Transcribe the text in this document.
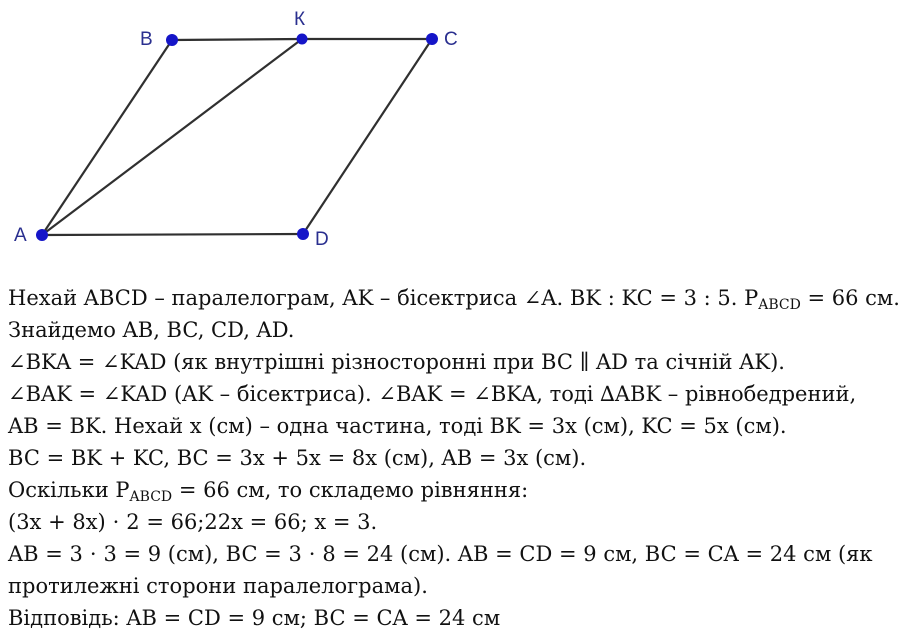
A
B
К
C
D
Нехай ABCD – паралелограм, AK – бісектриса ∠A. BK : KC = 3 : 5. $P_{ABCD} = 66$ см.
Знайдемо AB, BC, CD, AD.
∠BKA = ∠KAD (як внутрішні різносторонні при BC ∥ AD та січній AK).
∠BAK = ∠KAD (AK – бісектриса). ∠BAK = ∠BKA, тоді ∆ABK – рівнобедрений,
AB = BK. Нехай x (см) – одна частина, тоді BK = 3x (см), KC = 5x (см).
BC = BK + KC, BC = 3x + 5x = 8x (см), AB = 3x (см).
Оскільки $P_{ABCD} = 66$ см, то складемо рівняння:
(3x + 8x) ⋅ 2 = 66;22x = 66; x = 3.
AB = 3 ⋅ 3 = 9 (см), BC = 3 ⋅ 8 = 24 (см). AB = CD = 9 см, BC = CA = 24 см (як протилежні сторони паралелограма).
Відповідь: AB = CD = 9 см; BC = CA = 24 см
